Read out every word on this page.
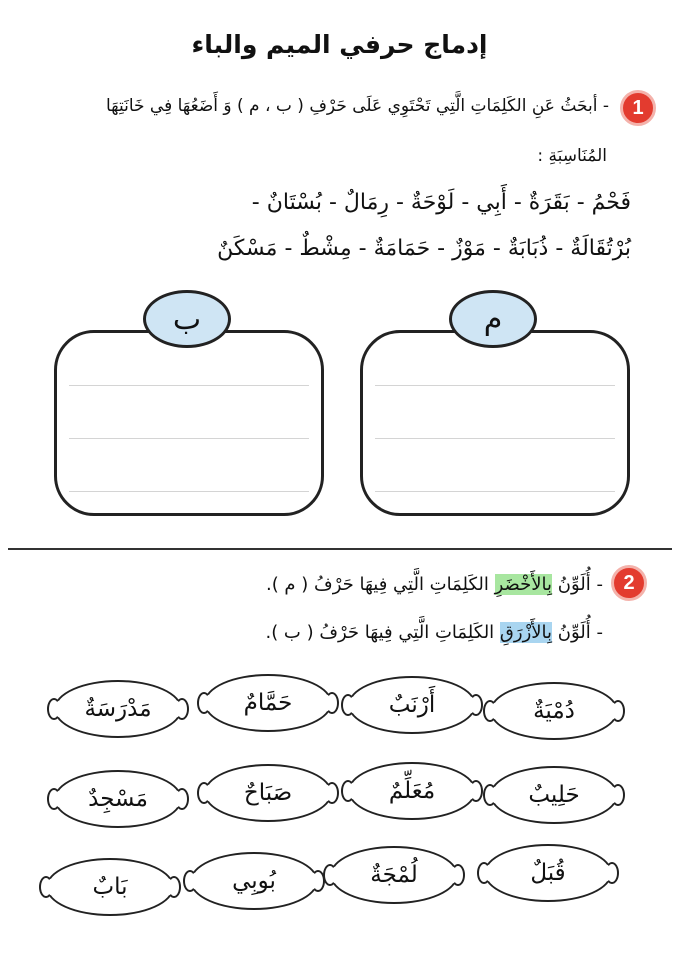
إدماج حرفي الميم والباء
1
- أبحَثُ عَنِ الكَلِمَاتِ الَّتِي تَحْتَوِي عَلَى حَرْفِ ( ب ، م ) وَ أَضَعُهَا فِي خَانَتِهَا
المُنَاسِبَةِ :
فَحْمُ - بَقَرَةٌ - أَبِي - لَوْحَةٌ - رِمَالٌ - بُسْتَانٌ -
بُرْتُقَالَةٌ - ذُبَابَةٌ - مَوْزٌ - حَمَامَةٌ - مِشْطٌ - مَسْكَنٌ
ب	م
2
- أُلَوِّنُ بِالأَخْضَرِ الكَلِمَاتِ الَّتِي فِيهَا حَرْفُ ( م ).
- أُلَوِّنُ بِالأَزْرَقِ الكَلِمَاتِ الَّتِي فِيهَا حَرْفُ ( ب ).
مَدْرَسَةٌ	حَمَّامٌ	أَرْنَبٌ	دُمْيَةٌ
مَسْجِدٌ	صَبَاحٌ	مُعَلِّمٌ	حَلِيبٌ
بَابٌ	بُوبِي	لُمْجَةٌ	قُبَلٌ
